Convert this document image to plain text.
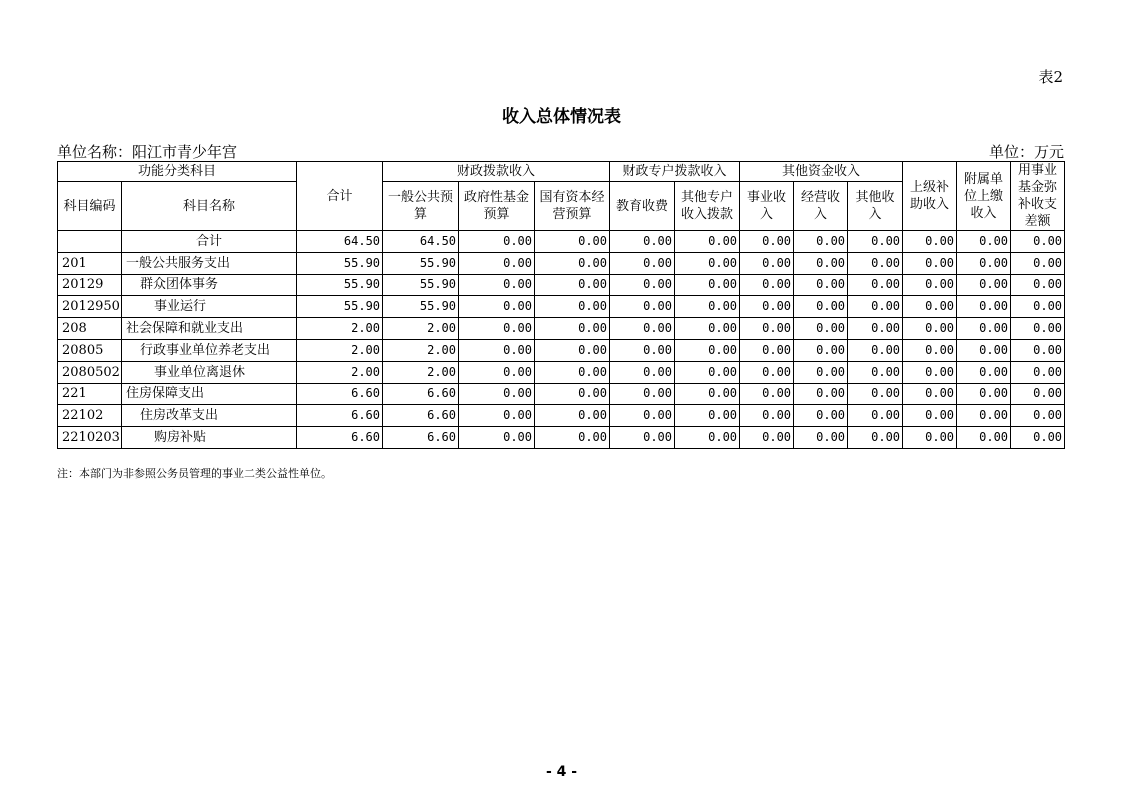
表2
收入总体情况表
单位名称：阳江市青少年宫	单位：万元
功能分类科目		合计	财政拨款收入			财政专户拨款收入		其他资金收入			上级补助收入	附属单位上缴收入	用事业基金弥补收支差额
科目编码	科目名称		一般公共预算	政府性基金预算	国有资本经营预算	教育收费	其他专户收入拨款	事业收入	经营收入	其他收入			

	合计	64.50	64.50	0.00	0.00	0.00	0.00	0.00	0.00	0.00	0.00	0.00	0.00
201	一般公共服务支出	55.90	55.90	0.00	0.00	0.00	0.00	0.00	0.00	0.00	0.00	0.00	0.00
20129	群众团体事务	55.90	55.90	0.00	0.00	0.00	0.00	0.00	0.00	0.00	0.00	0.00	0.00
2012950	事业运行	55.90	55.90	0.00	0.00	0.00	0.00	0.00	0.00	0.00	0.00	0.00	0.00
208	社会保障和就业支出	2.00	2.00	0.00	0.00	0.00	0.00	0.00	0.00	0.00	0.00	0.00	0.00
20805	行政事业单位养老支出	2.00	2.00	0.00	0.00	0.00	0.00	0.00	0.00	0.00	0.00	0.00	0.00
2080502	事业单位离退休	2.00	2.00	0.00	0.00	0.00	0.00	0.00	0.00	0.00	0.00	0.00	0.00
221	住房保障支出	6.60	6.60	0.00	0.00	0.00	0.00	0.00	0.00	0.00	0.00	0.00	0.00
22102	住房改革支出	6.60	6.60	0.00	0.00	0.00	0.00	0.00	0.00	0.00	0.00	0.00	0.00
2210203	购房补贴	6.60	6.60	0.00	0.00	0.00	0.00	0.00	0.00	0.00	0.00	0.00	0.00
注：本部门为非参照公务员管理的事业二类公益性单位。
- 4 -
